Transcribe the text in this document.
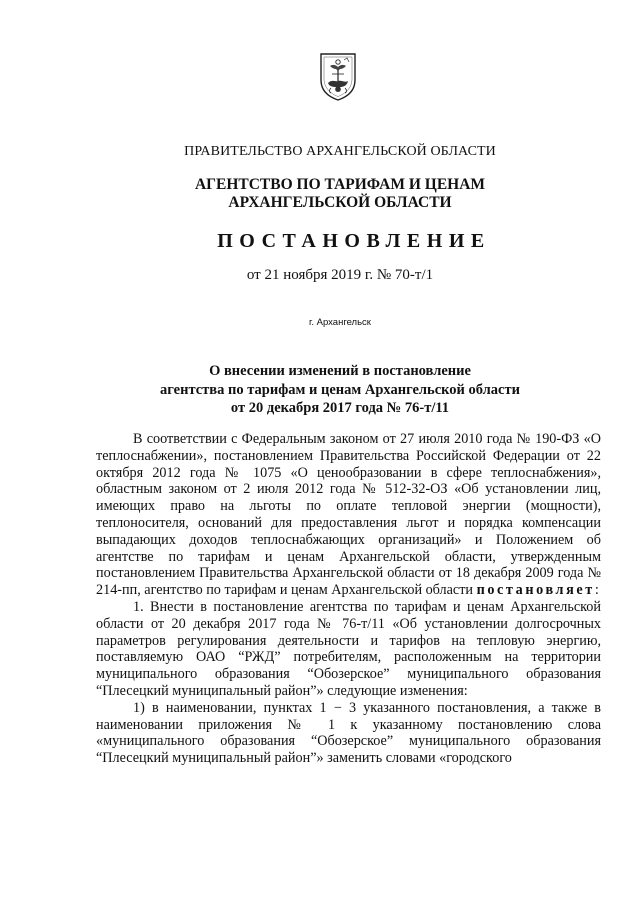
ПРАВИТЕЛЬСТВО АРХАНГЕЛЬСКОЙ ОБЛАСТИ
АГЕНТСТВО ПО ТАРИФАМ И ЦЕНАМ
АРХАНГЕЛЬСКОЙ ОБЛАСТИ
ПОСТАНОВЛЕНИЕ
от 21 ноября 2019 г. № 70-т/1
г. Архангельск
О внесении изменений в постановление
агентства по тарифам и ценам Архангельской области
от 20 декабря 2017 года № 76-т/11

В соответствии с Федеральным законом от 27 июля 2010 года № 190-ФЗ «О теплоснабжении», постановлением Правительства Российской Федерации от 22 октября 2012 года № 1075 «О ценообразовании в сфере теплоснабжения», областным законом от 2 июля 2012 года № 512-32-ОЗ «Об установлении лиц, имеющих право на льготы по оплате тепловой энергии (мощности), теплоносителя, оснований для предоставления льгот и порядка компенсации выпадающих доходов теплоснабжающих организаций» и Положением об агентстве по тарифам и ценам Архангельской области, утвержденным постановлением Правительства Архангельской области от 18 декабря 2009 года № 214-пп, агентство по тарифам и ценам Архангельской области постановляет:

1. Внести в постановление агентства по тарифам и ценам Архангельской области от 20 декабря 2017 года № 76-т/11 «Об установлении долгосрочных параметров регулирования деятельности и тарифов на тепловую энергию, поставляемую ОАО “РЖД” потребителям, расположенным на территории муниципального образования “Обозерское” муниципального образования “Плесецкий муниципальный район”» следующие изменения:

1) в наименовании, пунктах 1 − 3 указанного постановления, а также в наименовании приложения № 1 к указанному постановлению слова «муниципального образования “Обозерское” муниципального образования “Плесецкий муниципальный район”» заменить словами «городского
